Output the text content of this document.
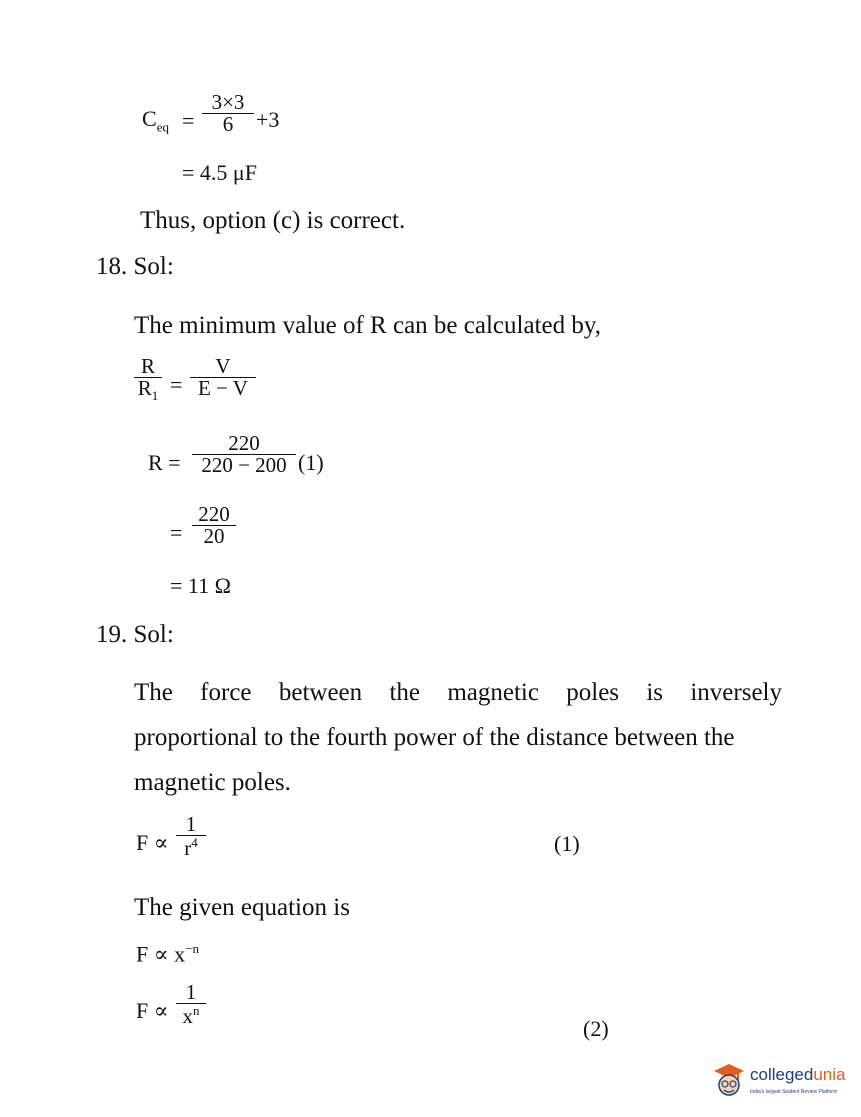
$C_{eq}$ =
3×3
6 +3
= 4.5 μF
Thus, option (c) is correct.
18. Sol:
The minimum value of R can be calculated by,
R
$R_1$ =
V
E − V
R =
220
220 − 200 (1)
=
220
20
= 11 Ω
19. Sol:
The force between the magnetic poles is inversely
proportional to the fourth power of the distance between the
magnetic poles.
F ∝
1
$r^4$	(1)
The given equation is
$F \propto x^{-n}$
F ∝
1
$x^n$
(2)
collegedunia
India's largest Student Review Platform
